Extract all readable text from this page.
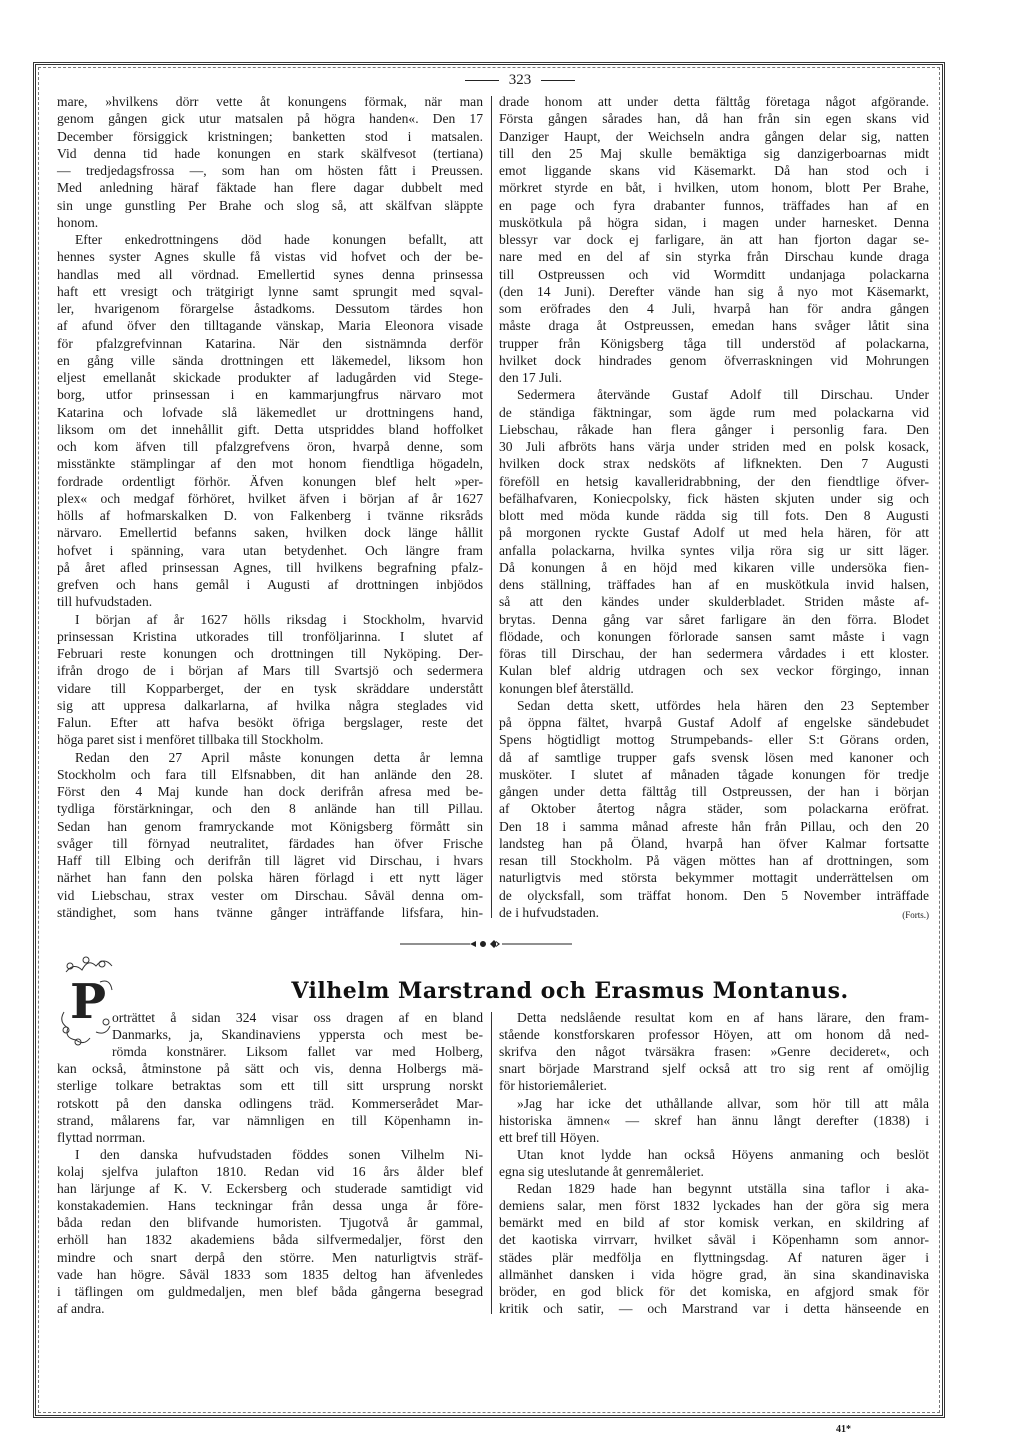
323
mare, »hvilkens dörr vette åt konungens förmak, när man
genom gången gick utur matsalen på högra handen«. Den 17
December försiggick kristningen; banketten stod i matsalen.
Vid denna tid hade konungen en stark skälfvesot (tertiana)
— tredjedagsfrossa —, som han om hösten fått i Preussen.
Med anledning häraf fäktade han flere dagar dubbelt med
sin unge gunstling Per Brahe och slog så, att skälfvan släppte
honom.
Efter enkedrottningens död hade konungen befallt, att
hennes syster Agnes skulle få vistas vid hofvet och der be-
handlas med all vördnad. Emellertid synes denna prinsessa
haft ett vresigt och trätgirigt lynne samt sprungit med sqval-
ler, hvarigenom förargelse åstadkoms. Dessutom tärdes hon
af afund öfver den tilltagande vänskap, Maria Eleonora visade
för pfalzgrefvinnan Katarina. När den sistnämnda derför
en gång ville sända drottningen ett läkemedel, liksom hon
eljest emellanåt skickade produkter af ladugården vid Stege-
borg, utfor prinsessan i en kammarjungfrus närvaro mot
Katarina och lofvade slå läkemedlet ur drottningens hand,
liksom om det innehållit gift. Detta utspriddes bland hoffolket
och kom äfven till pfalzgrefvens öron, hvarpå denne, som
misstänkte stämplingar af den mot honom fiendtliga högadeln,
fordrade ordentligt förhör. Äfven konungen blef helt »per-
plex« och medgaf förhöret, hvilket äfven i början af år 1627
hölls af hofmarskalken D. von Falkenberg i tvänne riksråds
närvaro. Emellertid befanns saken, hvilken dock länge hållit
hofvet i spänning, vara utan betydenhet. Och längre fram
på året afled prinsessan Agnes, till hvilkens begrafning pfalz-
grefven och hans gemål i Augusti af drottningen inbjödos
till hufvudstaden.
I början af år 1627 hölls riksdag i Stockholm, hvarvid
prinsessan Kristina utkorades till tronföljarinna. I slutet af
Februari reste konungen och drottningen till Nyköping. Der-
ifrån drogo de i början af Mars till Svartsjö och sedermera
vidare till Kopparberget, der en tysk skräddare understått
sig att uppresa dalkarlarna, af hvilka några steglades vid
Falun. Efter att hafva besökt öfriga bergslager, reste det
höga paret sist i menföret tillbaka till Stockholm.
Redan den 27 April måste konungen detta år lemna
Stockholm och fara till Elfsnabben, dit han anlände den 28.
Först den 4 Maj kunde han dock derifrån afresa med be-
tydliga förstärkningar, och den 8 anlände han till Pillau.
Sedan han genom framryckande mot Königsberg förmått sin
svåger till förnyad neutralitet, färdades han öfver Frische
Haff till Elbing och derifrån till lägret vid Dirschau, i hvars
närhet han fann den polska hären förlagd i ett nytt läger
vid Liebschau, strax vester om Dirschau. Såväl denna om-
ständighet, som hans tvänne gånger inträffande lifsfara, hin-
drade honom att under detta fälttåg företaga något afgörande.
Första gången sårades han, då han från sin egen skans vid
Danziger Haupt, der Weichseln andra gången delar sig, natten
till den 25 Maj skulle bemäktiga sig danzigerboarnas midt
emot liggande skans vid Käsemarkt. Då han stod och i
mörkret styrde en båt, i hvilken, utom honom, blott Per Brahe,
en page och fyra drabanter funnos, träffades han af en
muskötkula på högra sidan, i magen under harnesket. Denna
blessyr var dock ej farligare, än att han fjorton dagar se-
nare med en del af sin styrka från Dirschau kunde draga
till Ostpreussen och vid Wormditt undanjaga polackarna
(den 14 Juni). Derefter vände han sig å nyo mot Käsemarkt,
som eröfrades den 4 Juli, hvarpå han för andra gången
måste draga åt Ostpreussen, emedan hans svåger låtit sina
trupper från Königsberg tåga till understöd af polackarna,
hvilket dock hindrades genom öfverraskningen vid Mohrungen
den 17 Juli.
Sedermera återvände Gustaf Adolf till Dirschau. Under
de ständiga fäktningar, som ägde rum med polackarna vid
Liebschau, råkade han flera gånger i personlig fara. Den
30 Juli afbröts hans värja under striden med en polsk kosack,
hvilken dock strax nedsköts af lifknekten. Den 7 Augusti
föreföll en hetsig kavalleridrabbning, der den fiendtlige öfver-
befälhafvaren, Koniecpolsky, fick hästen skjuten under sig och
blott med möda kunde rädda sig till fots. Den 8 Augusti
på morgonen ryckte Gustaf Adolf ut med hela hären, för att
anfalla polackarna, hvilka syntes vilja röra sig ur sitt läger.
Då konungen å en höjd med kikaren ville undersöka fien-
dens ställning, träffades han af en muskötkula invid halsen,
så att den kändes under skulderbladet. Striden måste af-
brytas. Denna gång var såret farligare än den förra. Blodet
flödade, och konungen förlorade sansen samt måste i vagn
föras till Dirschau, der han sedermera vårdades i ett kloster.
Kulan blef aldrig utdragen och sex veckor förgingo, innan
konungen blef återställd.
Sedan detta skett, utfördes hela hären den 23 September
på öppna fältet, hvarpå Gustaf Adolf af engelske sändebudet
Spens högtidligt mottog Strumpebands- eller S:t Görans orden,
då af samtlige trupper gafs svensk lösen med kanoner och
musköter. I slutet af månaden tågade konungen för tredje
gången under detta fälttåg till Ostpreussen, der han i början
af Oktober återtog några städer, som polackarna eröfrat.
Den 18 i samma månad afreste hån från Pillau, och den 20
landsteg han på Öland, hvarpå han öfver Kalmar fortsatte
resan till Stockholm. På vägen möttes han af drottningen, som
naturligtvis med största bekymmer mottagit underrättelsen om
de olycksfall, som träffat honom. Den 5 November inträffade
de i hufvudstaden.	(Forts.)
Vilhelm Marstrand och Erasmus Montanus.
P orträttet å sidan 324 visar oss dragen af en bland
Danmarks, ja, Skandinaviens yppersta och mest be-
römda konstnärer. Liksom fallet var med Holberg,
kan också, åtminstone på sätt och vis, denna Holbergs mä-
sterlige tolkare betraktas som ett till sitt ursprung norskt
rotskott på den danska odlingens träd. Kommerserådet Mar-
strand, målarens far, var nämnligen en till Köpenhamn in-
flyttad norrman.
I den danska hufvudstaden föddes sonen Vilhelm Ni-
kolaj sjelfva julafton 1810. Redan vid 16 års ålder blef
han lärjunge af K. V. Eckersberg och studerade samtidigt vid
konstakademien. Hans teckningar från dessa unga år före-
båda redan den blifvande humoristen. Tjugotvå år gammal,
erhöll han 1832 akademiens båda silfvermedaljer, först den
mindre och snart derpå den större. Men naturligtvis sträf-
vade han högre. Såväl 1833 som 1835 deltog han äfvenledes
i täflingen om guldmedaljen, men blef båda gångerna besegrad
af andra.
Detta nedslående resultat kom en af hans lärare, den fram-
stående konstforskaren professor Höyen, att om honom då ned-
skrifva den något tvärsäkra frasen: »Genre decideret«, och
snart började Marstrand sjelf också att tro sig rent af omöjlig
för historiemåleriet.
»Jag har icke det uthållande allvar, som hör till att måla
historiska ämnen« — skref han ännu långt derefter (1838) i
ett bref till Höyen.
Utan knot lydde han också Höyens anmaning och beslöt
egna sig uteslutande åt genremåleriet.
Redan 1829 hade han begynnt utställa sina taflor i aka-
demiens salar, men först 1832 lyckades han der göra sig mera
bemärkt med en bild af stor komisk verkan, en skildring af
det kaotiska virrvarr, hvilket såväl i Köpenhamn som annor-
städes plär medfölja en flyttningsdag. Af naturen äger i
allmänhet dansken i vida högre grad, än sina skandinaviska
bröder, en god blick för det komiska, en afgjord smak för
kritik och satir, — och Marstrand var i detta hänseende en
41*
